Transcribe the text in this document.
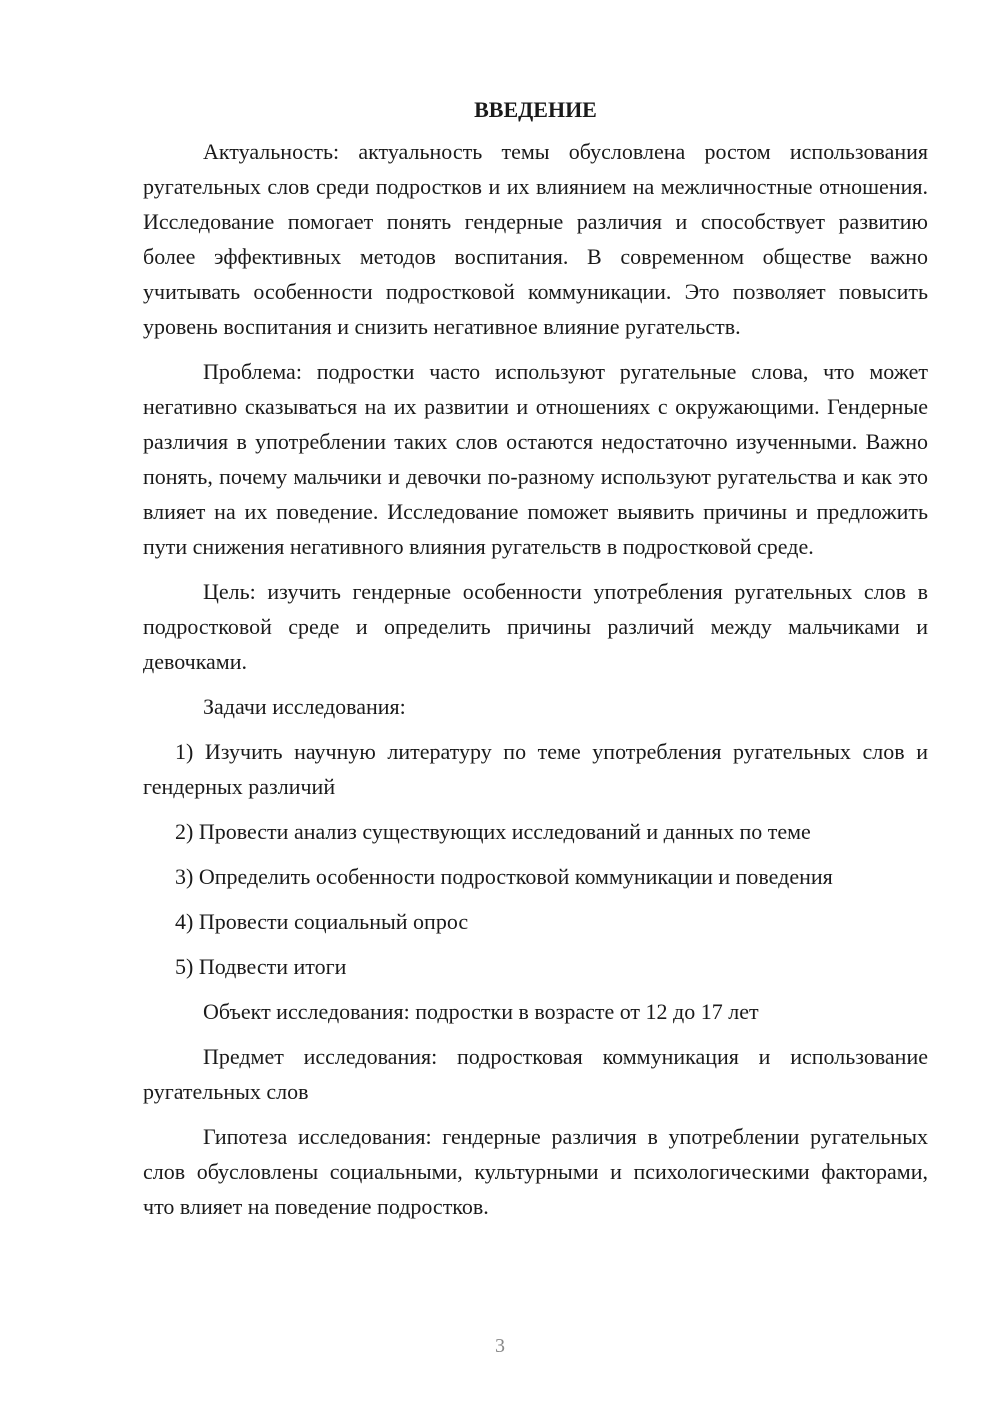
ВВЕДЕНИЕ

Актуальность: актуальность темы обусловлена ростом использования ругательных слов среди подростков и их влиянием на межличностные отношения. Исследование помогает понять гендерные различия и способствует развитию более эффективных методов воспитания. В современном обществе важно учитывать особенности подростковой коммуникации. Это позволяет повысить уровень воспитания и снизить негативное влияние ругательств.

Проблема: подростки часто используют ругательные слова, что может негативно сказываться на их развитии и отношениях с окружающими. Гендерные различия в употреблении таких слов остаются недостаточно изученными. Важно понять, почему мальчики и девочки по-разному используют ругательства и как это влияет на их поведение. Исследование поможет выявить причины и предложить пути снижения негативного влияния ругательств в подростковой среде.

Цель: изучить гендерные особенности употребления ругательных слов в подростковой среде и определить причины различий между мальчиками и девочками.

Задачи исследования:

1) Изучить научную литературу по теме употребления ругательных слов и гендерных различий
2) Провести анализ существующих исследований и данных по теме
3) Определить особенности подростковой коммуникации и поведения
4) Провести социальный опрос
5) Подвести итоги

Объект исследования: подростки в возрасте от 12 до 17 лет

Предмет исследования: подростковая коммуникация и использование ругательных слов

Гипотеза исследования: гендерные различия в употреблении ругательных слов обусловлены социальными, культурными и психологическими факторами, что влияет на поведение подростков.

3
